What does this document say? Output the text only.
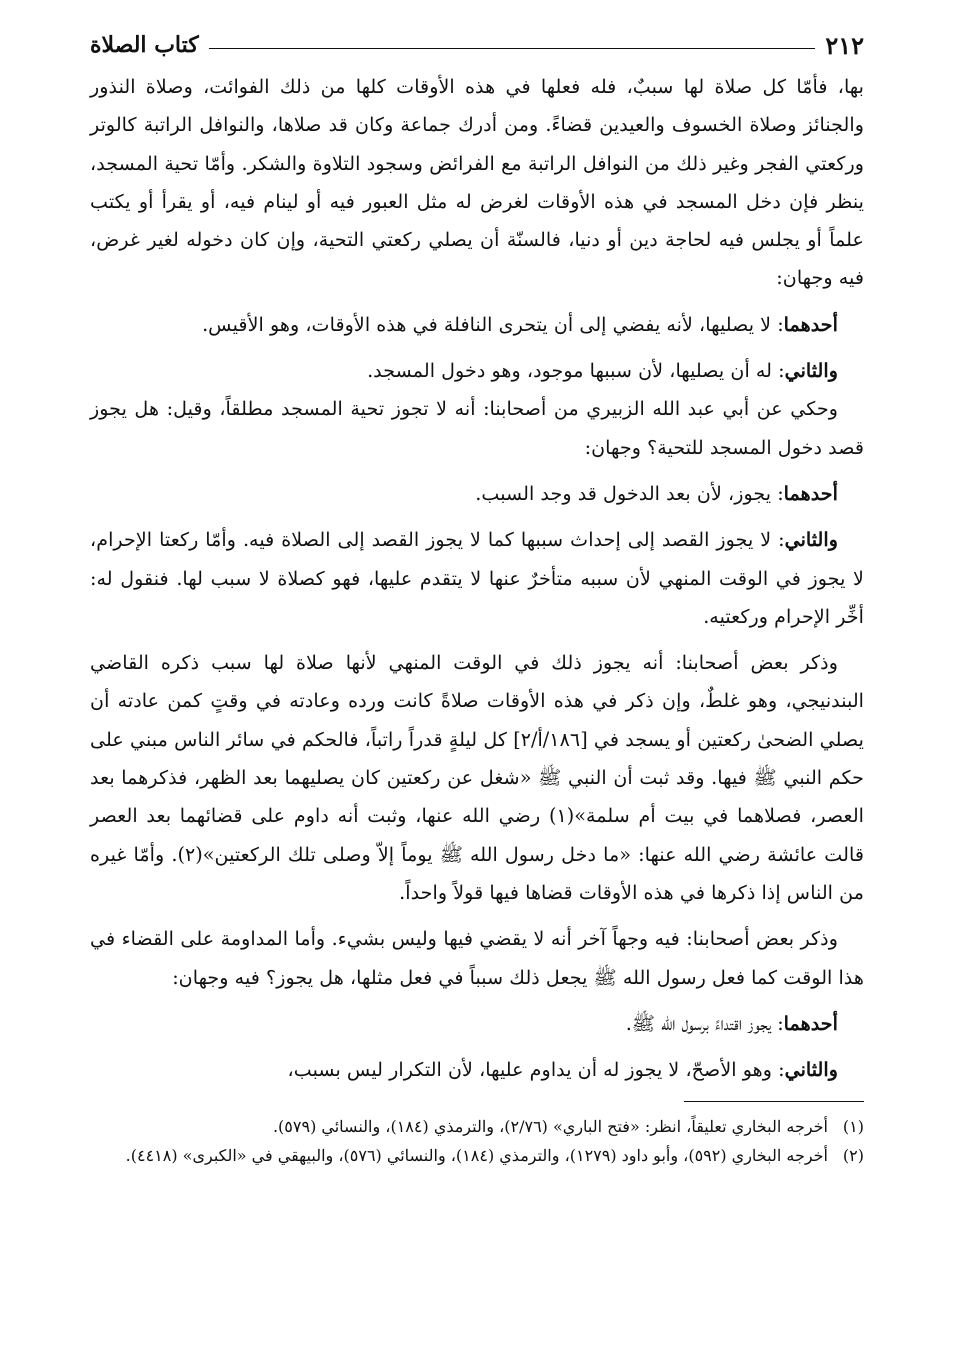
٢١٢
كتاب الصلاة

بها، فأمّا كل صلاة لها سببٌ، فله فعلها في هذه الأوقات كلها من ذلك الفوائت، وصلاة النذور والجنائز وصلاة الخسوف والعيدين قضاءً. ومن أدرك جماعة وكان قد صلاها، والنوافل الراتبة كالوتر وركعتي الفجر وغير ذلك من النوافل الراتبة مع الفرائض وسجود التلاوة والشكر. وأمّا تحية المسجد، ينظر فإن دخل المسجد في هذه الأوقات لغرض له مثل العبور فيه أو لينام فيه، أو يقرأ أو يكتب علماً أو يجلس فيه لحاجة دين أو دنيا، فالسنّة أن يصلي ركعتي التحية، وإن كان دخوله لغير غرض، فيه وجهان:

أحدهما: لا يصليها، لأنه يفضي إلى أن يتحرى النافلة في هذه الأوقات، وهو الأقيس.

والثاني: له أن يصليها، لأن سببها موجود، وهو دخول المسجد.

وحكي عن أبي عبد الله الزبيري من أصحابنا: أنه لا تجوز تحية المسجد مطلقاً، وقيل: هل يجوز قصد دخول المسجد للتحية؟ وجهان:

أحدهما: يجوز، لأن بعد الدخول قد وجد السبب.

والثاني: لا يجوز القصد إلى إحداث سببها كما لا يجوز القصد إلى الصلاة فيه. وأمّا ركعتا الإحرام، لا يجوز في الوقت المنهي لأن سببه متأخرٌ عنها لا يتقدم عليها، فهو كصلاة لا سبب لها. فنقول له: أخِّر الإحرام وركعتيه.

وذكر بعض أصحابنا: أنه يجوز ذلك في الوقت المنهي لأنها صلاة لها سبب ذكره القاضي البندنيجي، وهو غلطٌ، وإن ذكر في هذه الأوقات صلاةً كانت ورده وعادته في وقتٍ كمن عادته أن يصلي الضحىٰ ركعتين أو يسجد في [١٨٦/أ/٢] كل ليلةٍ قدراً راتباً، فالحكم في سائر الناس مبني على حكم النبي ﷺ فيها. وقد ثبت أن النبي ﷺ «شغل عن ركعتين كان يصليهما بعد الظهر، فذكرهما بعد العصر، فصلاهما في بيت أم سلمة»(١) رضي الله عنها، وثبت أنه داوم على قضائهما بعد العصر قالت عائشة رضي الله عنها: «ما دخل رسول الله ﷺ يوماً إلاّ وصلى تلك الركعتين»(٢). وأمّا غيره من الناس إذا ذكرها في هذه الأوقات قضاها فيها قولاً واحداً.

وذكر بعض أصحابنا: فيه وجهاً آخر أنه لا يقضي فيها وليس بشيء. وأما المداومة على القضاء في هذا الوقت كما فعل رسول الله ﷺ يجعل ذلك سبباً في فعل مثلها، هل يجوز؟ فيه وجهان:

أحدهما: يجوز اقتداءً برسول الله ﷺ.

والثاني: وهو الأصحّ، لا يجوز له أن يداوم عليها، لأن التكرار ليس بسبب،

(١)
أخرجه البخاري تعليقاً، انظر: «فتح الباري» (٢/٧٦)، والترمذي (١٨٤)، والنسائي (٥٧٩).
(٢)
أخرجه البخاري (٥٩٢)، وأبو داود (١٢٧٩)، والترمذي (١٨٤)، والنسائي (٥٧٦)، والبيهقي في «الكبرى» (٤٤١٨).
